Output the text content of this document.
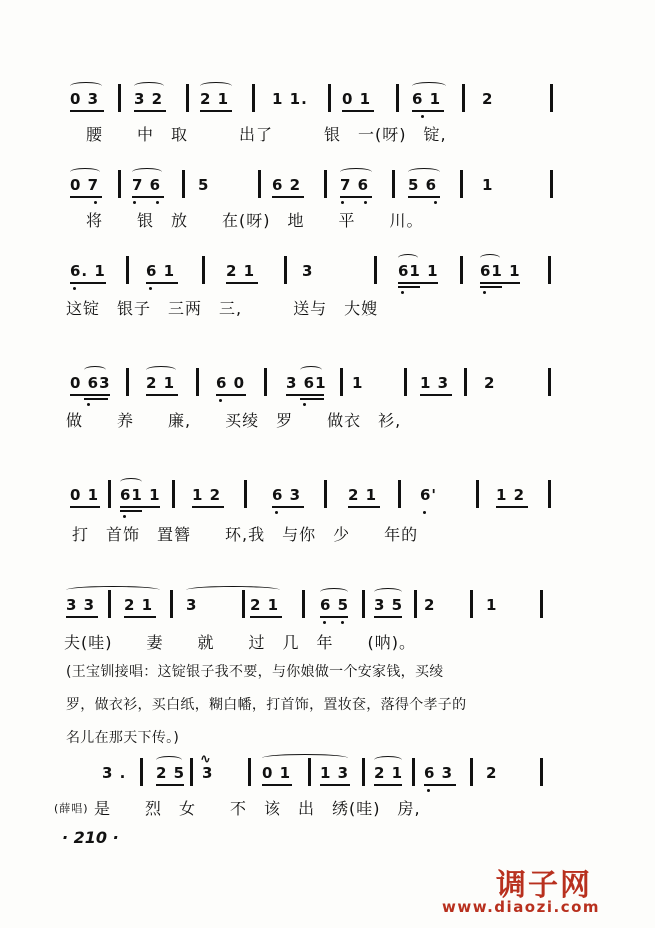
0 3 3 2 2 1	1 1. 0 1	6 1	2
腰　　中　取　　　出了　　　银　一(呀)　锭,
0 7 7 6 5	6 2	7 6	5 6	1
将　　银　放　　在(呀)　地　　平　　川。
6. 1	6 1	2 1	3	61 1	61 1
这锭　银子　三两　三,　　　送与　大嫂
0 63 2 1	6 0	3 61 1	1 3 2
做　　养　　廉,　　买绫　罗　　做衣　衫,
0 1 61 1 1 2	6 3	2 1	6'	1 2
打　首饰　置簪　　环,我　与你　少　　年的
3 3 2 1 3	2 1	6 5 3 5 2	1
夫(哇)　　妻　　就　　过　几　年　　(呐)。
(王宝钏接唱：这锭银子我不要，与你娘做一个安家钱，买绫
罗，做衣衫，买白纸，糊白幡，打首饰，置妆奁，落得个孝子的
名儿在那天下传。)
3 . 2 5
∿
3	0 1 1 3 2 1 6 3 2
(薛唱) 是　　烈　女　　不　该　出　绣(哇)　房,
· 210 ·
调子网
www.diaozi.com
